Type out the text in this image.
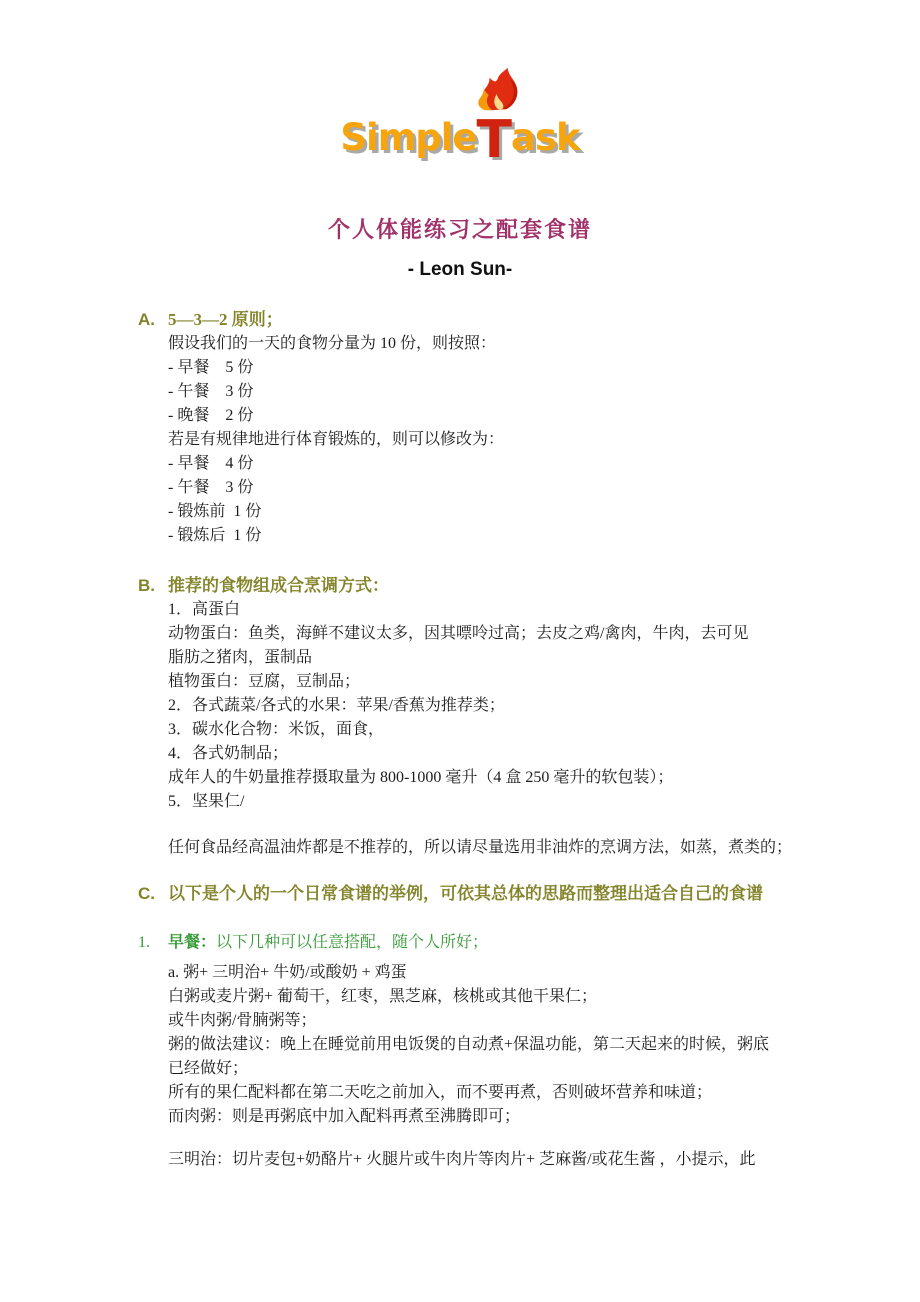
Simple
Task
个人体能练习之配套食谱
- Leon Sun-
A. 5—3—2 原则；

假设我们的一天的食物分量为 10 份，则按照：

- 早餐　5 份

- 午餐　3 份

- 晚餐　2 份

若是有规律地进行体育锻炼的，则可以修改为：

- 早餐　4 份

- 午餐　3 份

- 锻炼前  1 份

- 锻炼后  1 份

B. 推荐的食物组成合烹调方式：

1．高蛋白

动物蛋白：鱼类，海鲜不建议太多，因其嘌呤过高；去皮之鸡/禽肉，牛肉，去可见

脂肪之猪肉，蛋制品

植物蛋白：豆腐，豆制品；

2．各式蔬菜/各式的水果：苹果/香蕉为推荐类；

3．碳水化合物：米饭，面食，

4．各式奶制品；

成年人的牛奶量推荐摄取量为 800-1000 毫升（4 盒 250 毫升的软包装）；

5．坚果仁/

任何食品经高温油炸都是不推荐的，所以请尽量选用非油炸的烹调方法，如蒸，煮类的；

C. 以下是个人的一个日常食谱的举例，可依其总体的思路而整理出适合自己的食谱
1.	早餐：以下几种可以任意搭配，随个人所好；

a. 粥+ 三明治+ 牛奶/或酸奶 + 鸡蛋

白粥或麦片粥+ 葡萄干，红枣，黑芝麻，核桃或其他干果仁；

或牛肉粥/骨腩粥等；

粥的做法建议：晚上在睡觉前用电饭煲的自动煮+保温功能，第二天起来的时候，粥底

已经做好；

所有的果仁配料都在第二天吃之前加入，而不要再煮，否则破坏营养和味道；

而肉粥：则是再粥底中加入配料再煮至沸腾即可；

三明治：切片麦包+奶酪片+ 火腿片或牛肉片等肉片+ 芝麻酱/或花生酱 ，小提示，此
